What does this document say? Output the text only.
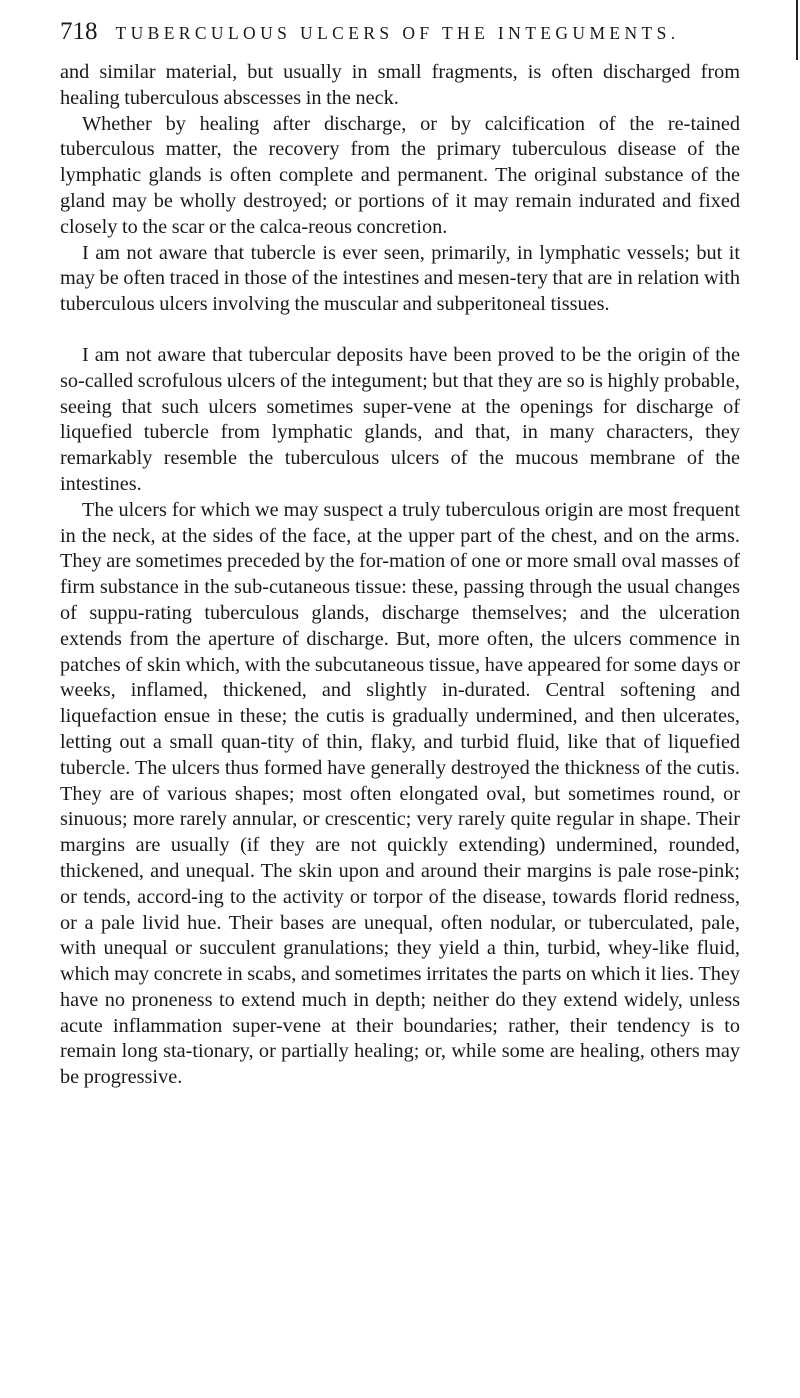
718 TUBERCULOUS ULCERS OF THE INTEGUMENTS.

and similar material, but usually in small fragments, is often discharged from healing tuberculous abscesses in the neck.

Whether by healing after discharge, or by calcification of the re-tained tuberculous matter, the recovery from the primary tuberculous disease of the lymphatic glands is often complete and permanent. The original substance of the gland may be wholly destroyed; or portions of it may remain indurated and fixed closely to the scar or the calca-reous concretion.

I am not aware that tubercle is ever seen, primarily, in lymphatic vessels; but it may be often traced in those of the intestines and mesen-tery that are in relation with tuberculous ulcers involving the muscular and subperitoneal tissues.

I am not aware that tubercular deposits have been proved to be the origin of the so-called scrofulous ulcers of the integument; but that they are so is highly probable, seeing that such ulcers sometimes super-vene at the openings for discharge of liquefied tubercle from lymphatic glands, and that, in many characters, they remarkably resemble the tuberculous ulcers of the mucous membrane of the intestines.

The ulcers for which we may suspect a truly tuberculous origin are most frequent in the neck, at the sides of the face, at the upper part of the chest, and on the arms. They are sometimes preceded by the for-mation of one or more small oval masses of firm substance in the sub-cutaneous tissue: these, passing through the usual changes of suppu-rating tuberculous glands, discharge themselves; and the ulceration extends from the aperture of discharge. But, more often, the ulcers commence in patches of skin which, with the subcutaneous tissue, have appeared for some days or weeks, inflamed, thickened, and slightly in-durated. Central softening and liquefaction ensue in these; the cutis is gradually undermined, and then ulcerates, letting out a small quan-tity of thin, flaky, and turbid fluid, like that of liquefied tubercle. The ulcers thus formed have generally destroyed the thickness of the cutis. They are of various shapes; most often elongated oval, but sometimes round, or sinuous; more rarely annular, or crescentic; very rarely quite regular in shape. Their margins are usually (if they are not quickly extending) undermined, rounded, thickened, and unequal. The skin upon and around their margins is pale rose-pink; or tends, accord-ing to the activity or torpor of the disease, towards florid redness, or a pale livid hue. Their bases are unequal, often nodular, or tuberculated, pale, with unequal or succulent granulations; they yield a thin, turbid, whey-like fluid, which may concrete in scabs, and sometimes irritates the parts on which it lies. They have no proneness to extend much in depth; neither do they extend widely, unless acute inflammation super-vene at their boundaries; rather, their tendency is to remain long sta-tionary, or partially healing; or, while some are healing, others may be progressive.
